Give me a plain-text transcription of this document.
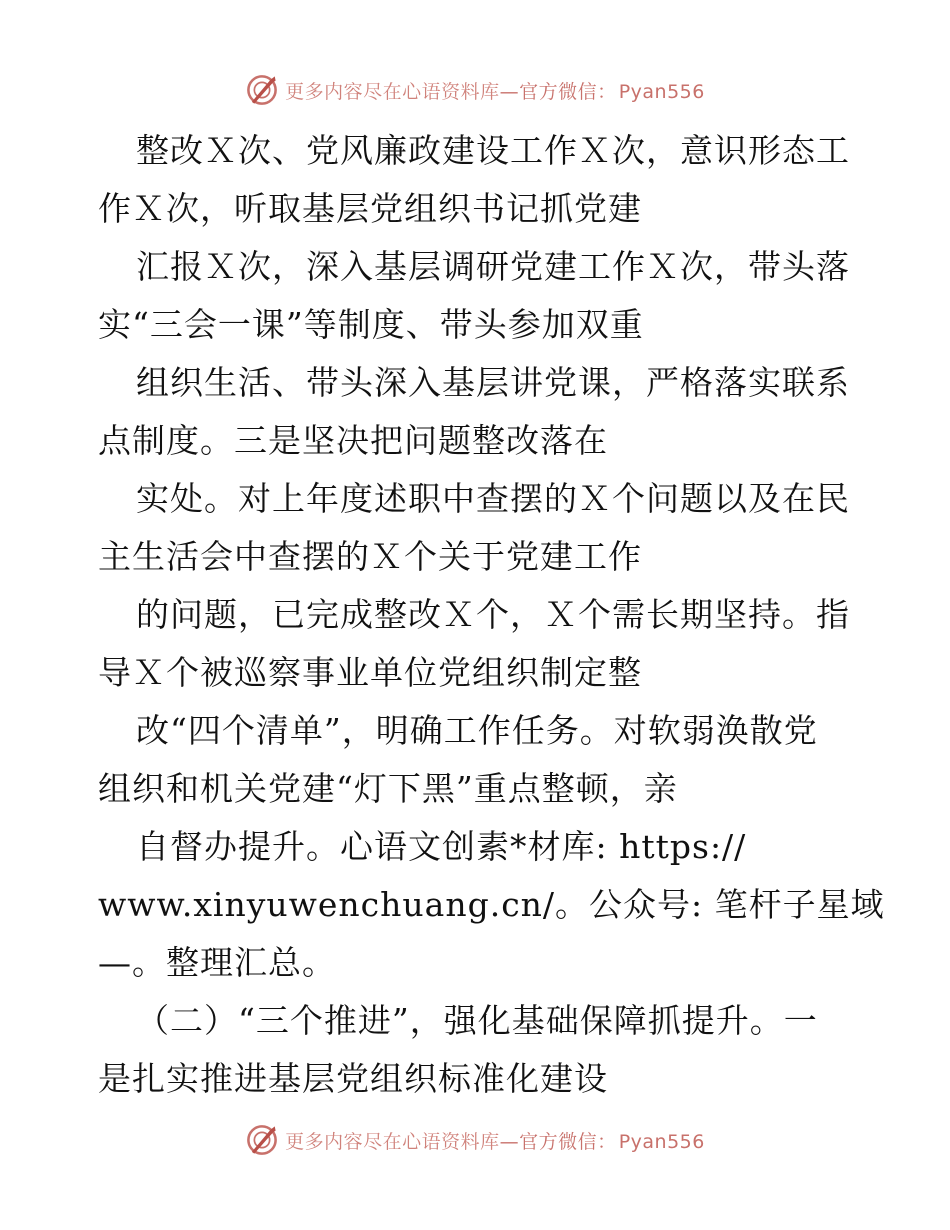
更多内容尽在心语资料库—官方微信： Pyan556
整改Ｘ次、党风廉政建设工作Ｘ次，意识形态工
作Ｘ次，听取基层党组织书记抓党建
汇报Ｘ次，深入基层调研党建工作Ｘ次，带头落
实“三会一课”等制度、带头参加双重
组织生活、带头深入基层讲党课，严格落实联系
点制度。三是坚决把问题整改落在
实处。对上年度述职中查摆的Ｘ个问题以及在民
主生活会中查摆的Ｘ个关于党建工作
的问题，已完成整改Ｘ个，Ｘ个需长期坚持。指
导Ｘ个被巡察事业单位党组织制定整
改“四个清单”，明确工作任务。对软弱涣散党
组织和机关党建“灯下黑”重点整顿，亲
自督办提升。心语文创素*材库: https://
www.xinyuwenchuang.cn/。公众号: 笔杆子星域
—。整理汇总。
（二）“三个推进”，强化基础保障抓提升。一
是扎实推进基层党组织标准化建设
更多内容尽在心语资料库—官方微信： Pyan556
